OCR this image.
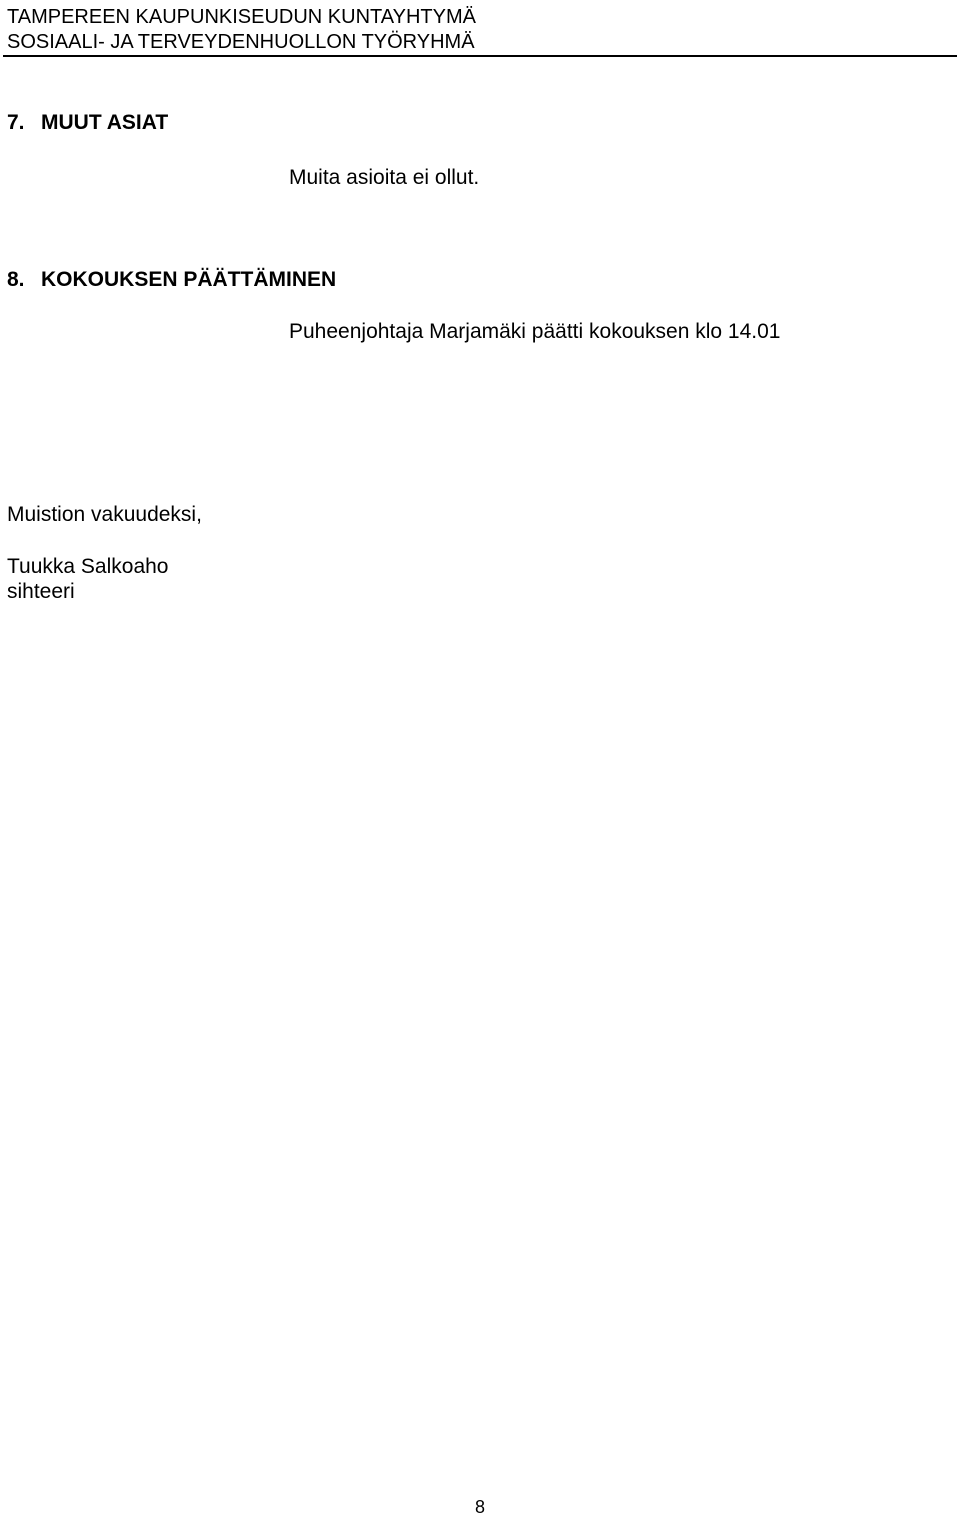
TAMPEREEN KAUPUNKISEUDUN KUNTAYHTYMÄ
SOSIAALI- JA TERVEYDENHUOLLON TYÖRYHMÄ
7. MUUT ASIAT
Muita asioita ei ollut.
8. KOKOUKSEN PÄÄTTÄMINEN
Puheenjohtaja Marjamäki päätti kokouksen klo 14.01
Muistion vakuudeksi,
Tuukka Salkoaho
sihteeri
8
